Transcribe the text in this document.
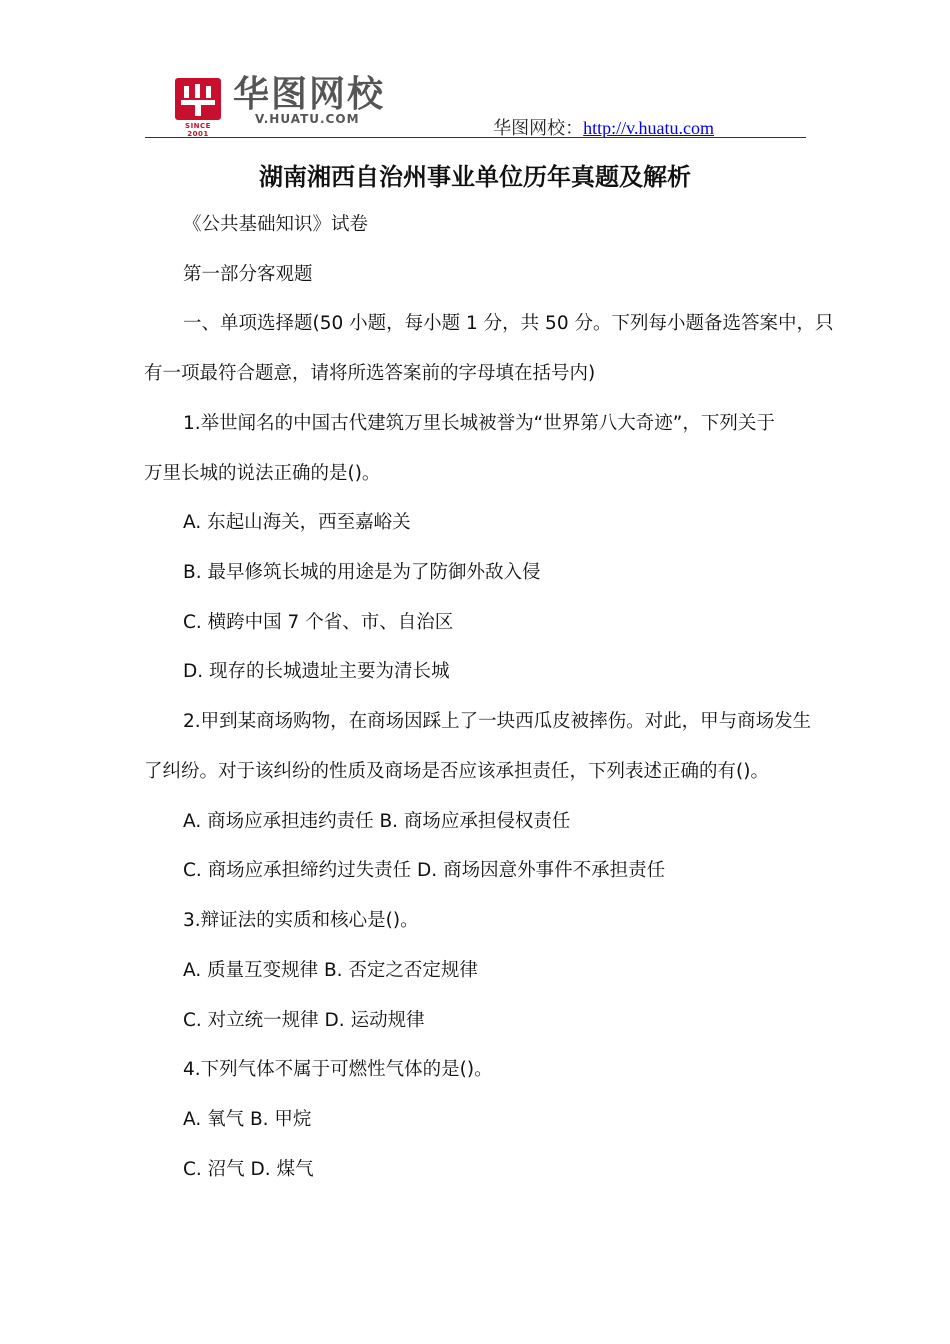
SINCE 2001
华图网校
V.HUATU.COM	华图网校：http://v.huatu.com
湖南湘西自治州事业单位历年真题及解析
《公共基础知识》试卷
第一部分客观题
一、单项选择题(50 小题，每小题 1 分，共 50 分。下列每小题备选答案中，只
有一项最符合题意，请将所选答案前的字母填在括号内)
1.举世闻名的中国古代建筑万里长城被誉为“世界第八大奇迹”，下列关于
万里长城的说法正确的是()。
A. 东起山海关，西至嘉峪关
B. 最早修筑长城的用途是为了防御外敌入侵
C. 横跨中国 7 个省、市、自治区
D. 现存的长城遗址主要为清长城
2.甲到某商场购物，在商场因踩上了一块西瓜皮被摔伤。对此，甲与商场发生
了纠纷。对于该纠纷的性质及商场是否应该承担责任，下列表述正确的有()。
A. 商场应承担违约责任 B. 商场应承担侵权责任
C. 商场应承担缔约过失责任 D. 商场因意外事件不承担责任
3.辩证法的实质和核心是()。
A. 质量互变规律 B. 否定之否定规律
C. 对立统一规律 D. 运动规律
4.下列气体不属于可燃性气体的是()。
A. 氧气 B. 甲烷
C. 沼气 D. 煤气
